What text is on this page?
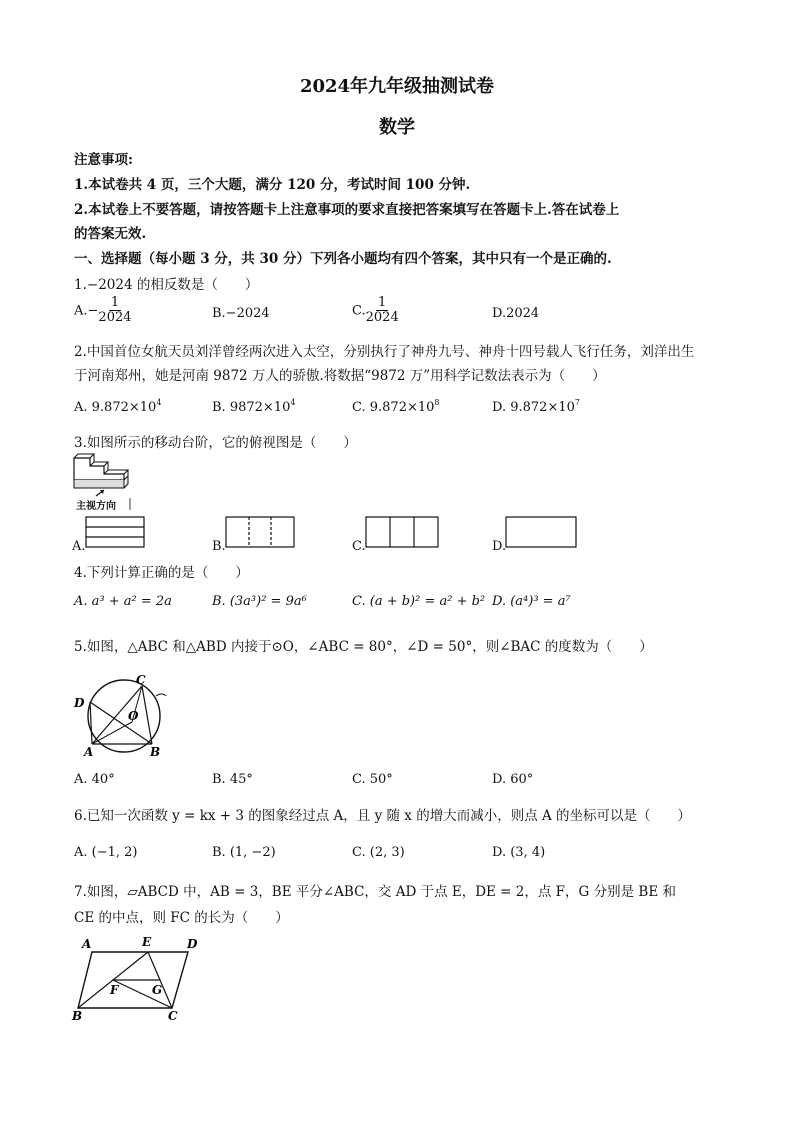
2024年九年级抽测试卷
数学
注意事项:
1.本试卷共 4 页，三个大题，满分 120 分，考试时间 100 分钟.
2.本试卷上不要答题，请按答题卡上注意事项的要求直接把答案填写在答题卡上.答在试卷上
的答案无效.
一、选择题（每小题 3 分，共 30 分）下列各小题均有四个答案，其中只有一个是正确的.
1.−2024 的相反数是（　　）
$A.- \frac{1}{2024}$	B.−2024	C. $\frac{1}{2024}$	D.2024
2.中国首位女航天员刘洋曾经两次进入太空，分别执行了神舟九号、神舟十四号载人飞行任务，刘洋出生
于河南郑州，她是河南 9872 万人的骄傲.将数据“9872 万”用科学记数法表示为（　　）
A. $9.872\times 10^4$	B. $9872\times 10^4$	C. $9.872\times 10^8$	D. $9.872\times 10^7$
3.如图所示的移动台阶，它的俯视图是（　　）
主视方向
A.	B.	C.	D.
4.下列计算正确的是（　　）
A. a³ + a² = 2a	B. (3a³)² = 9a⁶	C. (a + b)² = a² + b² D. (a⁴)³ = a⁷
5.如图，△ABC 和△ABD 内接于⊙O，∠ABC = 80°，∠D = 50°，则∠BAC 的度数为（　　）
C
D
O
A	B
A. 40°	B. 45°	C. 50°	D. 60°
6.已知一次函数 y = kx + 3 的图象经过点 A，且 y 随 x 的增大而减小，则点 A 的坐标可以是（　　）
A. (−1, 2)	B. (1, −2)	C. (2, 3)	D. (3, 4)
7.如图，▱ABCD 中，AB = 3，BE 平分∠ABC，交 AD 于点 E，DE = 2，点 F，G 分别是 BE 和
CE 的中点，则 FC 的长为（　　）
A	E	D
F	G
B	C
